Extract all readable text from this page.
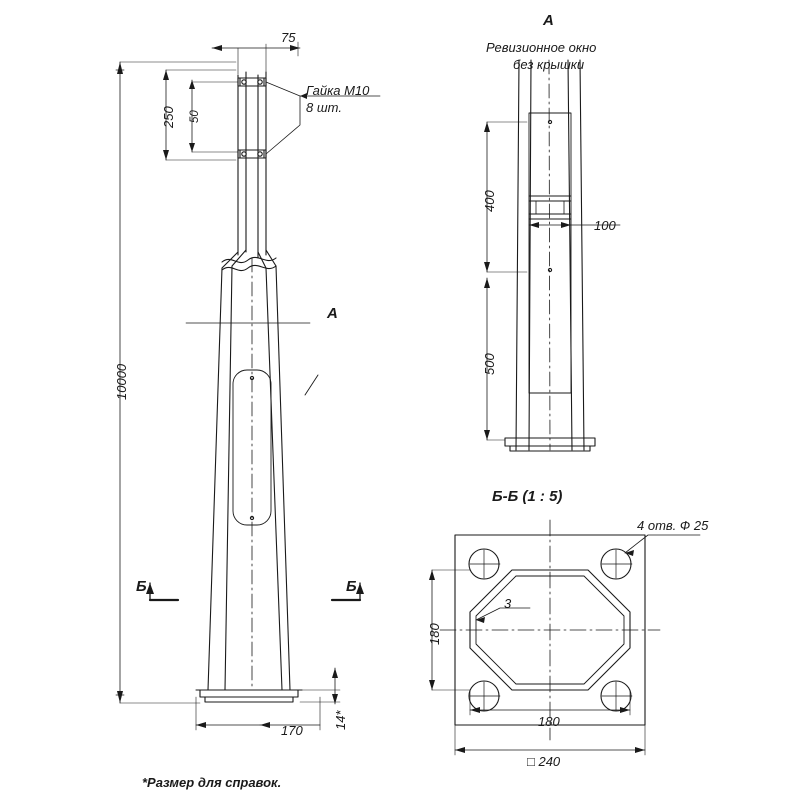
10000
250 50
75
170
14*
Гайка М10
8 шт.
А
Б	Б
А
Ревизионное окно
без крышки
400
500
100
Б-Б (1 : 5)
4 отв. Ф 25
180
3
180
□ 240
*Размер для справок.
